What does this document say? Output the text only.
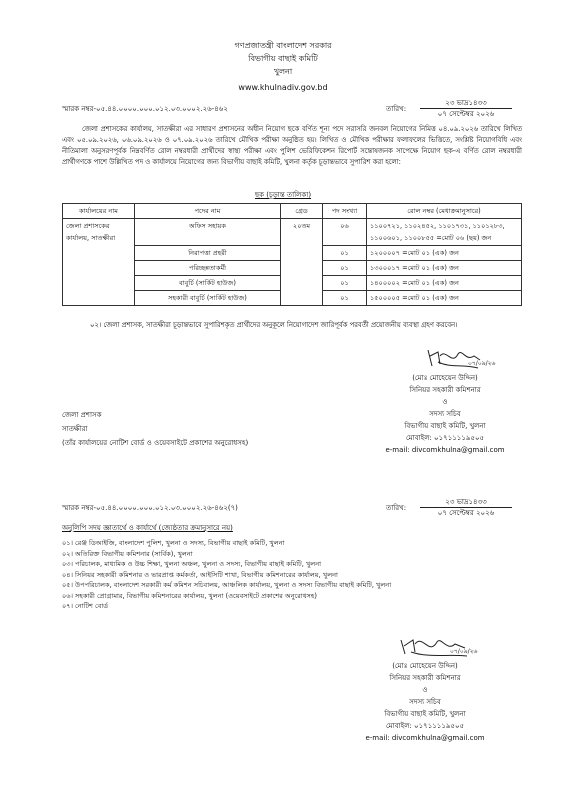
গণপ্রজাতন্ত্রী বাংলাদেশ সরকার
বিভাগীয় বাছাই কমিটি
খুলনা
www.khulnadiv.gov.bd
স্মারক নম্বর-০৫.৪৪.০০০০.০০০.০১২.০৩.০০০২.২৬-৪৬২	তারিখ:
২৩ ভাদ্র১৪৩৩
০৭ সেপ্টেম্বর ২০২৬
জেলা প্রশাসকের কার্যালয়, সাতক্ষীরা এর সাধারণ প্রশাসনের অধীন নিয়োগ ছকে বর্ণিত শূন্য পদে সরাসরি জনবল নিয়োগের নিমিত্ত ০৪.০৯.২০২৬ তারিখে লিখিত এবং ০৫.০৯.২০২৬, ০৬.০৯.২০২৬ ও ০৭.০৯.২০২৬ তারিখে মৌখিক পরীক্ষা অনুষ্ঠিত হয়। লিখিত ও মৌখিক পরীক্ষার ফলাফলের ভিত্তিতে, সংশ্লিষ্ট নিয়োগবিধি এবং নীতিমালা অনুসরণপূর্বক নিম্নবর্ণিত রোল নম্বরধারী প্রার্থীদের স্বাস্থ্য পরীক্ষা এবং পুলিশ ভেরিফিকেশন রিপোর্ট সন্তোষজনক সাপেক্ষে নিয়োগ ছক-এ বর্ণিত রোল নম্বরধারী প্রার্থীগণকে পাশে উল্লিখিত পদ ও কার্যালয়ে নিয়োগের জন্য বিভাগীয় বাছাই কমিটি, খুলনা কর্তৃক চূড়ান্তভাবে সুপারিশ করা হলো:
ছক (চূড়ান্ত তালিকা)
কার্যালয়ের নাম	পদের নাম	গ্রেড	পদ সংখ্যা	রোল নম্বর (মেধাক্রমানুসারে)
জেলা প্রশাসকের কার্যালয়, সাতক্ষীরা	অফিস সহায়ক	২০তম	০৬	১১০০৭২১, ১১০২৪৫২, ১১০১৭৩১, ১১০১২৮৩, ১১০০৬০১, ১১০০৮৫৫ =মোট ০৬ (ছয়) জন
	নিরাপত্তা প্রহরী		০১	১২০০০০৭ =মোট ০১ (এক) জন
	পরিচ্ছন্নতাকর্মী		০১	১৩০০০১৭ =মোট ০১ (এক) জন
	বাবুর্চি (সার্কিট হাউজ)		০১	১৪০০০০২ =মোট ০১ (এক) জন
	সহকারী বাবুর্চি (সার্কিট হাউজ)		০১	১৫০০০০৫ =মোট ০১ (এক) জন
০২। জেলা প্রশাসক, সাতক্ষীরা চূড়ান্তভাবে সুপারিশকৃত প্রার্থীদের অনুকূলে নিয়োগাদেশ জারিপূর্বক পরবর্তী প্রয়োজনীয় ব্যবস্থা গ্রহণ করবেন।
০৭/০৯/২৬
(মোঃ মোহেয়েন উদ্দিন)
সিনিয়র সহকারী কমিশনার
ও
সদস্য সচিব
বিভাগীয় বাছাই কমিটি, খুলনা
মোবাইল: ০১৭১১১১৯৫০৫
e-mail: divcomkhulna@gmail.com
জেলা প্রশাসক
সাতক্ষীরা
(তাঁর কার্যালয়ের নোটিশ বোর্ড ও ওয়েবসাইটে প্রকাশের অনুরোধসহ)
স্মারক নম্বর-০৫.৪৪.০০০০.০০০.০১২.০৩.০০০২.২৬-৪৬২(৭)	তারিখ:
২৩ ভাদ্র১৪৩৩
০৭ সেপ্টেম্বর ২০২৬
অনুলিপি সদয় জ্ঞাতার্থে ও কার্যার্থে (জ্যেষ্ঠতার ক্রমানুসারে নয়)
০১। রেঞ্জ ডিআইজি, বাংলাদেশ পুলিশ, খুলনা ও সদস্য, বিভাগীয় বাছাই কমিটি, খুলনা
০২। অতিরিক্ত বিভাগীয় কমিশনার (সার্বিক), খুলনা
০৩। পরিচালক, মাধ্যমিক ও উচ্চ শিক্ষা, খুলনা অঞ্চল, খুলনা ও সদস্য, বিভাগীয় বাছাই কমিটি, খুলনা
০৪। সিনিয়র সহকারী কমিশনার ও ভারপ্রাপ্ত কর্মকর্তা, আইসিটি শাখা, বিভাগীয় কমিশনারের কার্যালয়, খুলনা
০৫। উপপরিচালক, বাংলাদেশ সরকারী কর্ম কমিশন সচিবালয়, আঞ্চলিক কার্যালয়, খুলনা ও সদস্য বিভাগীয় বাছাই কমিটি, খুলনা
০৬। সহকারী প্রোগ্রামার, বিভাগীয় কমিশনারের কার্যালয়, খুলনা (ওয়েবসাইটে প্রকাশের অনুরোধসহ)
০৭। নোটিশ বোর্ড
০৭/০৯/২৬
(মোঃ মোহেয়েন উদ্দিন)
সিনিয়র সহকারী কমিশনার
ও
সদস্য সচিব
বিভাগীয় বাছাই কমিটি, খুলনা
মোবাইল: ০১৭১১১১৯৫০৫
e-mail: divcomkhulna@gmail.com
